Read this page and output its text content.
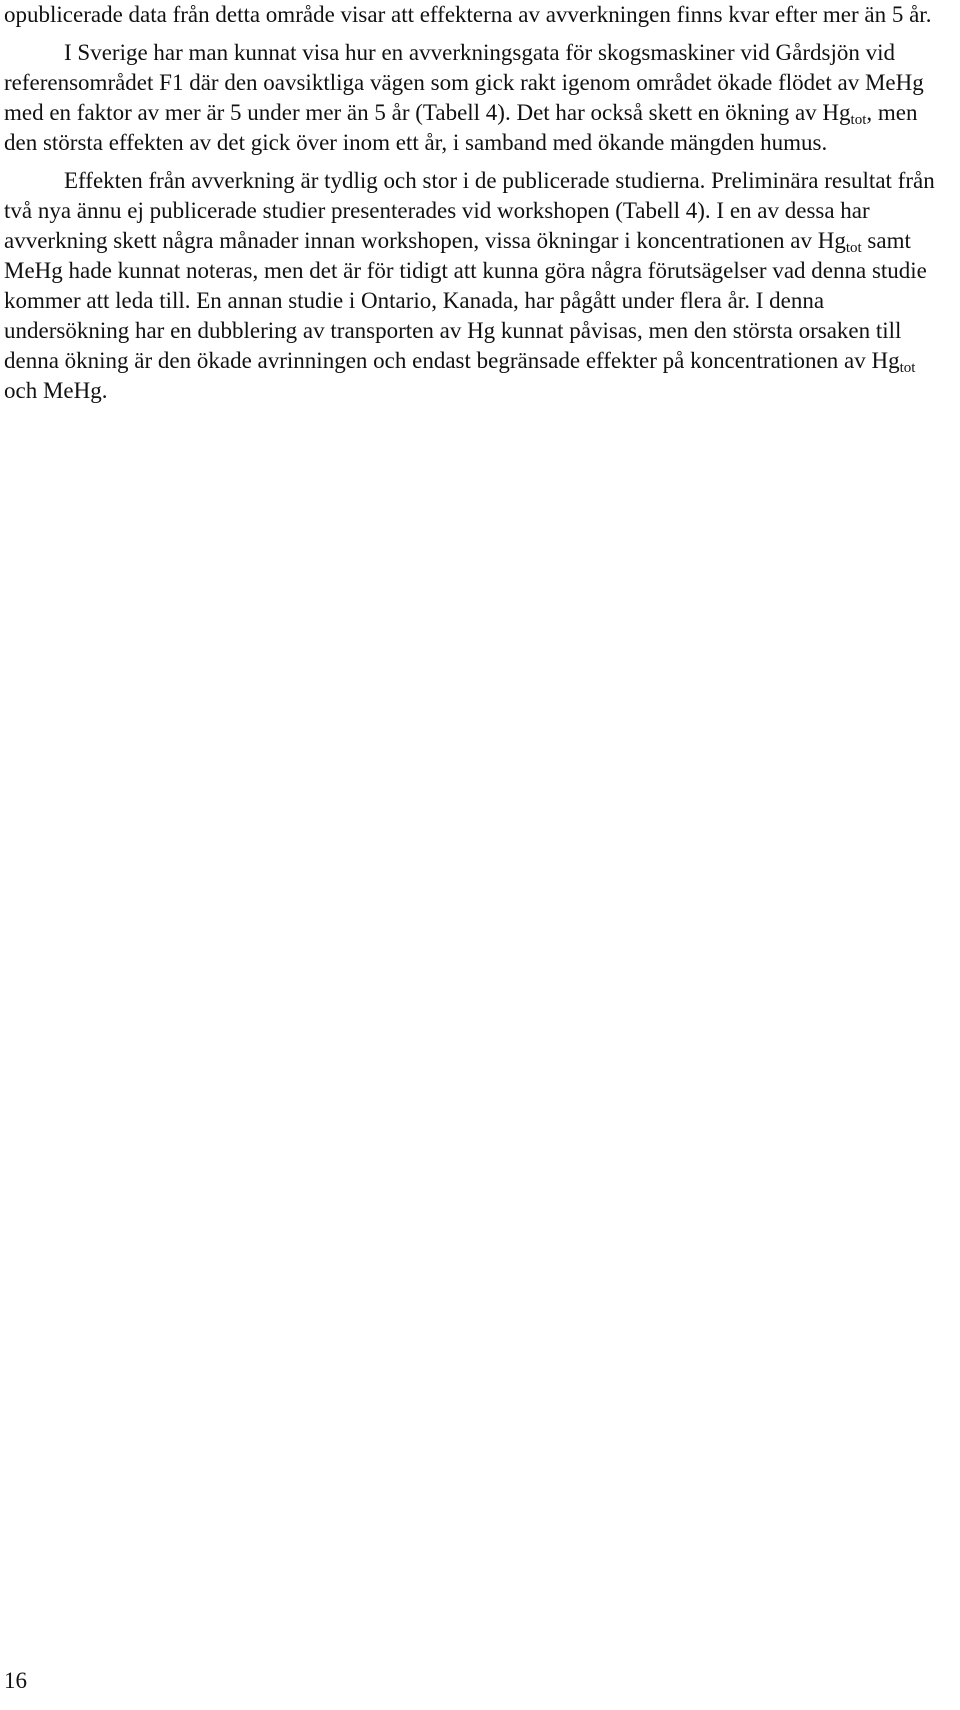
opublicerade data från detta område visar att effekterna av avverkningen finns kvar efter mer än 5 år.

I Sverige har man kunnat visa hur en avverkningsgata för skogsmaskiner vid Gårdsjön vid referensområdet F1 där den oavsiktliga vägen som gick rakt igenom området ökade flödet av MeHg med en faktor av mer är 5 under mer än 5 år (Tabell 4). Det har också skett en ökning av $Hg_{tot}$, men den största effekten av det gick över inom ett år, i samband med ökande mängden humus.

Effekten från avverkning är tydlig och stor i de publicerade studierna. Preliminära resultat från två nya ännu ej publicerade studier presenterades vid workshopen (Tabell 4). I en av dessa har avverkning skett några månader innan workshopen, vissa ökningar i koncentrationen av $Hg_{tot}$ samt MeHg hade kunnat noteras, men det är för tidigt att kunna göra några förutsägelser vad denna studie kommer att leda till. En annan studie i Ontario, Kanada, har pågått under flera år. I denna undersökning har en dubblering av transporten av Hg kunnat påvisas, men den största orsaken till denna ökning är den ökade avrinningen och endast begränsade effekter på koncentrationen av $Hg_{tot}$ och MeHg.

16
